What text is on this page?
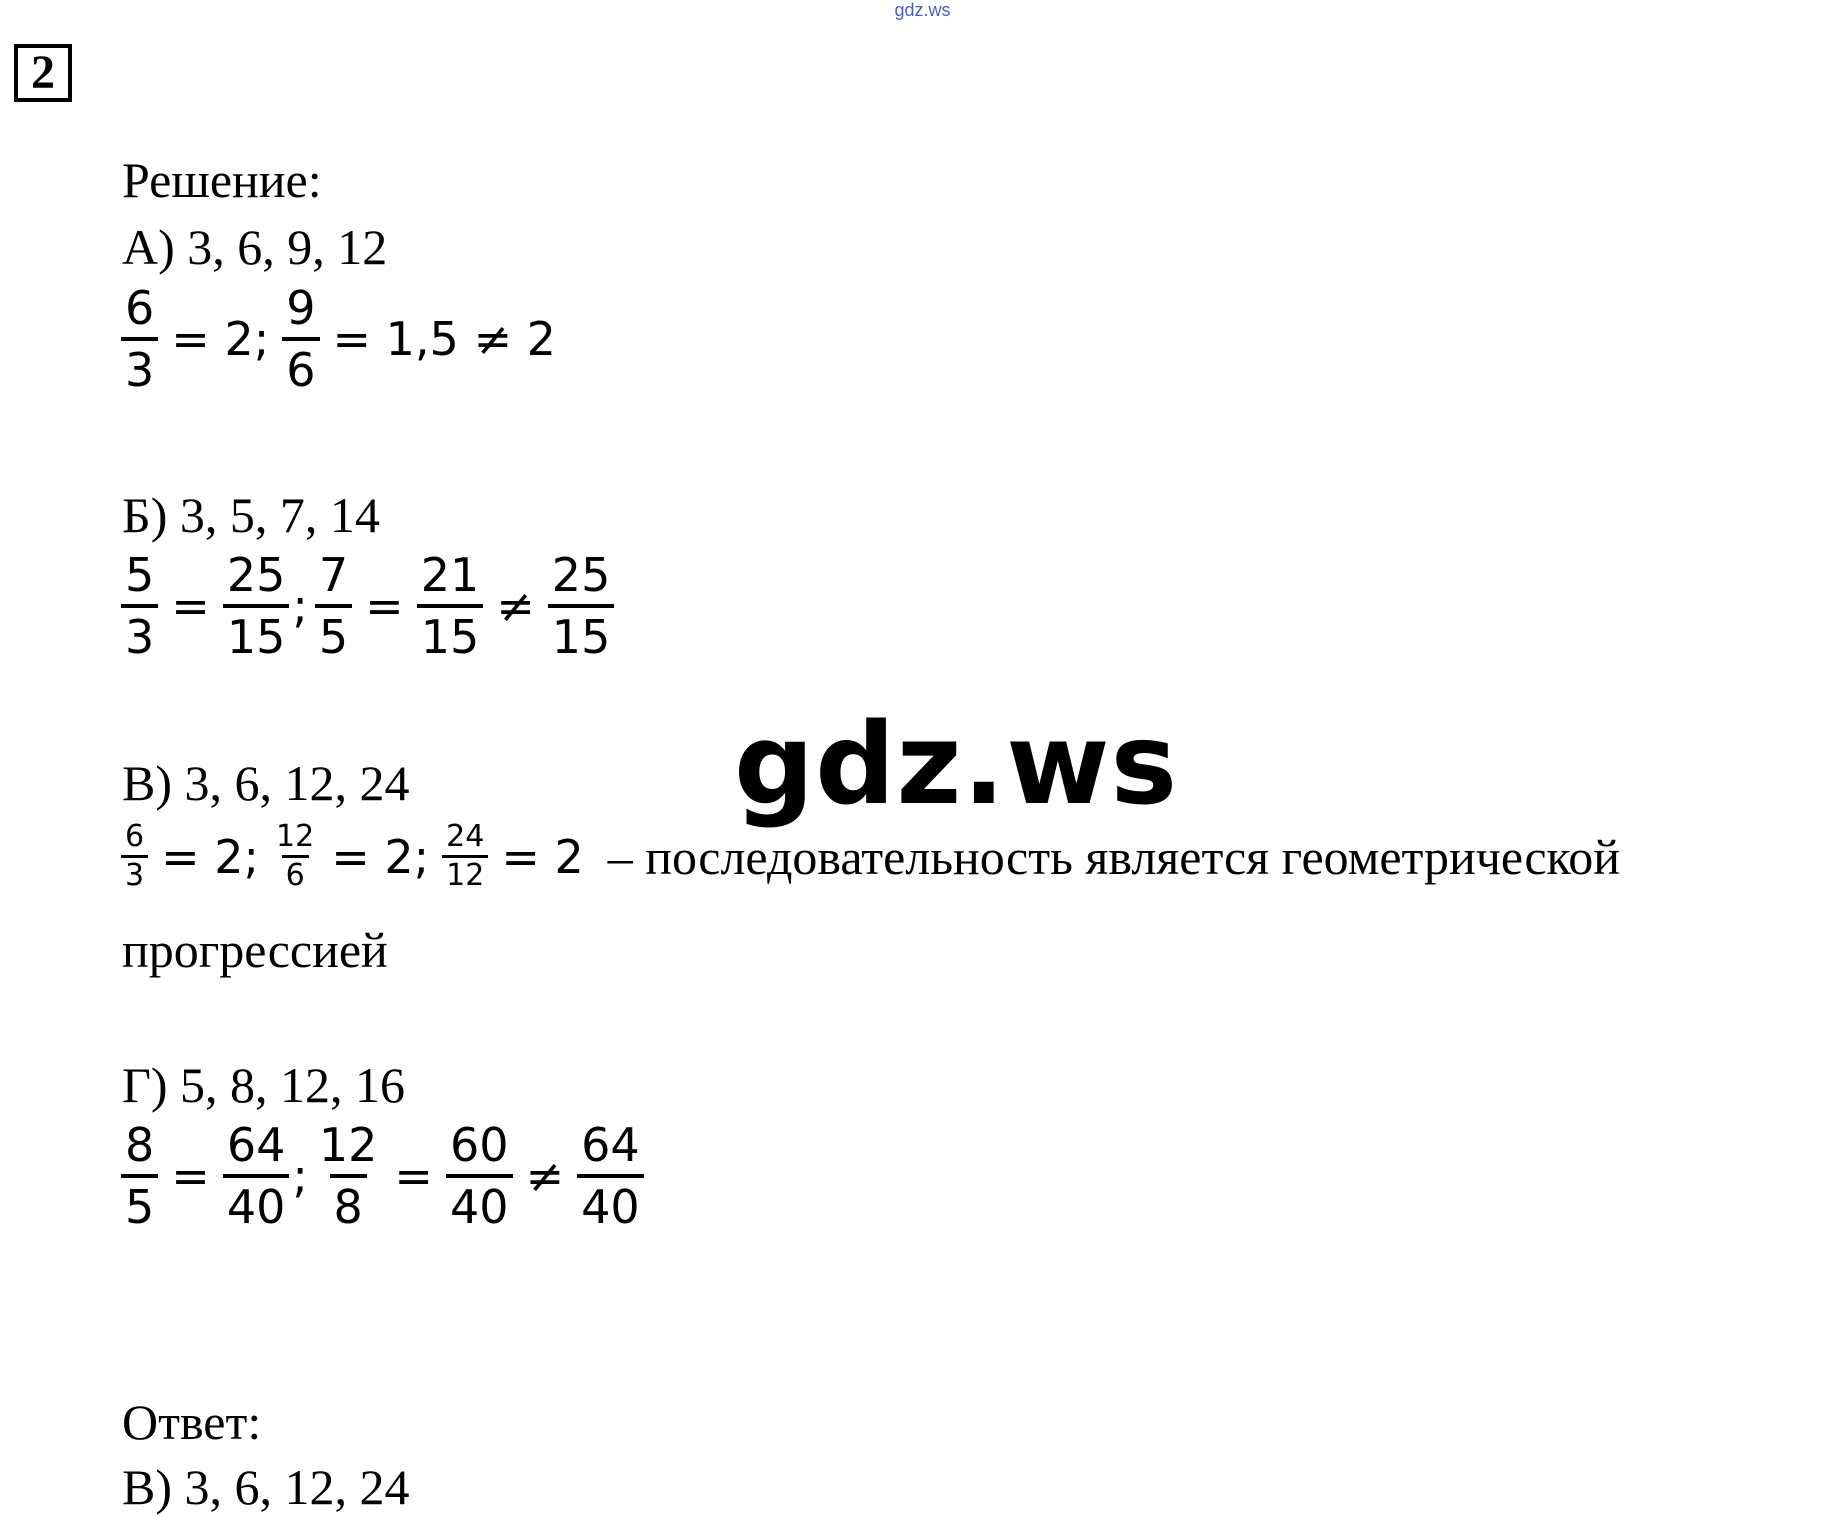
gdz.ws
2
Решение:
А) 3, 6, 9, 12
$\frac{6}{3} = 2$; $\frac{9}{6} = 1,5 \ne 2$
Б) 3, 5, 7, 14
$\frac{5}{3} = \frac{25}{15}$ ; $\frac{7}{5} = \frac{21}{15} \ne \frac{25}{15}$
В) 3, 6, 12, 24
$\frac{6}{3} = 2$; $\frac{12}{6} = 2$; $\frac{24}{12} = 2$ – последовательность является геометрической
прогрессией
Г) 5, 8, 12, 16
$\frac{8}{5} = \frac{64}{40}$ ; $\frac{12}{8} = \frac{60}{40} \ne \frac{64}{40}$
Ответ:
В) 3, 6, 12, 24
gdz.ws
